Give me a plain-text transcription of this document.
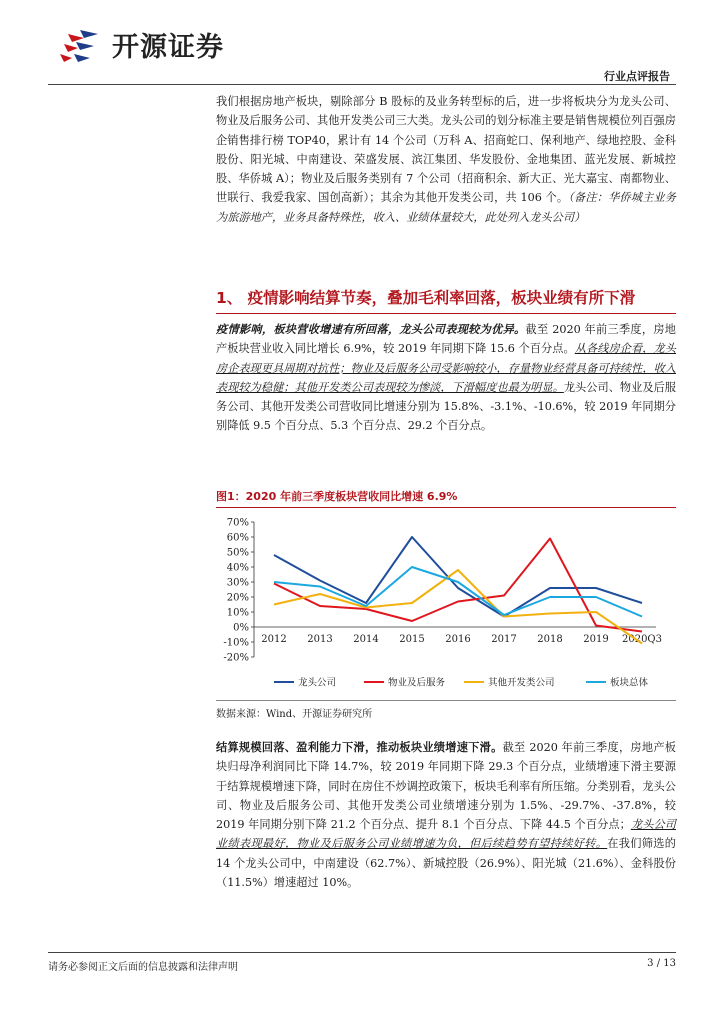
开源证券
行业点评报告

我们根据房地产板块，剔除部分 B 股标的及业务转型标的后，进一步将板块分为龙头公司、物业及后服务公司、其他开发类公司三大类。龙头公司的划分标准主要是销售规模位列百强房企销售排行榜 TOP40，累计有 14 个公司（万科 A、招商蛇口、保利地产、绿地控股、金科股份、阳光城、中南建设、荣盛发展、滨江集团、华发股份、金地集团、蓝光发展、新城控股、华侨城 A）；物业及后服务类别有 7 个公司（招商积余、新大正、光大嘉宝、南都物业、世联行、我爱我家、国创高新）；其余为其他开发类公司，共 106 个。（备注：华侨城主业务为旅游地产，业务具备特殊性，收入、业绩体量较大，此处列入龙头公司）

1、 疫情影响结算节奏，叠加毛利率回落，板块业绩有所下滑

疫情影响，板块营收增速有所回落，龙头公司表现较为优异。截至 2020 年前三季度，房地产板块营业收入同比增长 6.9%，较 2019 年同期下降 15.6 个百分点。从各线房企看，龙头房企表现更具周期对抗性；物业及后服务公司受影响较小，存量物业经营具备可持续性，收入表现较为稳健；其他开发类公司表现较为惨淡，下滑幅度也最为明显。龙头公司、物业及后服务公司、其他开发类公司营收同比增速分别为 15.8%、-3.1%、-10.6%，较 2019 年同期分别降低 9.5 个百分点、5.3 个百分点、29.2 个百分点。

图1：2020 年前三季度板块营收同比增速 6.9%

70%
60%
50%
40%
30%
20%
10%
0%
-10%
-20%
2012 2013 2014 2015 2016 2017 2018 2019 2020Q3
龙头公司	物业及后服务	其他开发类公司	板块总体

数据来源：Wind、开源证券研究所

结算规模回落、盈利能力下滑，推动板块业绩增速下滑。截至 2020 年前三季度，房地产板块归母净利润同比下降 14.7%，较 2019 年同期下降 29.3 个百分点，业绩增速下滑主要源于结算规模增速下降，同时在房住不炒调控政策下，板块毛利率有所压缩。分类别看，龙头公司、物业及后服务公司、其他开发类公司业绩增速分别为 1.5%、-29.7%、-37.8%，较 2019 年同期分别下降 21.2 个百分点、提升 8.1 个百分点、下降 44.5 个百分点；龙头公司业绩表现最好，物业及后服务公司业绩增速为负，但后续趋势有望持续好转。在我们筛选的 14 个龙头公司中，中南建设（62.7%）、新城控股（26.9%）、阳光城（21.6%）、金科股份（11.5%）增速超过 10%。

请务必参阅正文后面的信息披露和法律声明	3 / 13
